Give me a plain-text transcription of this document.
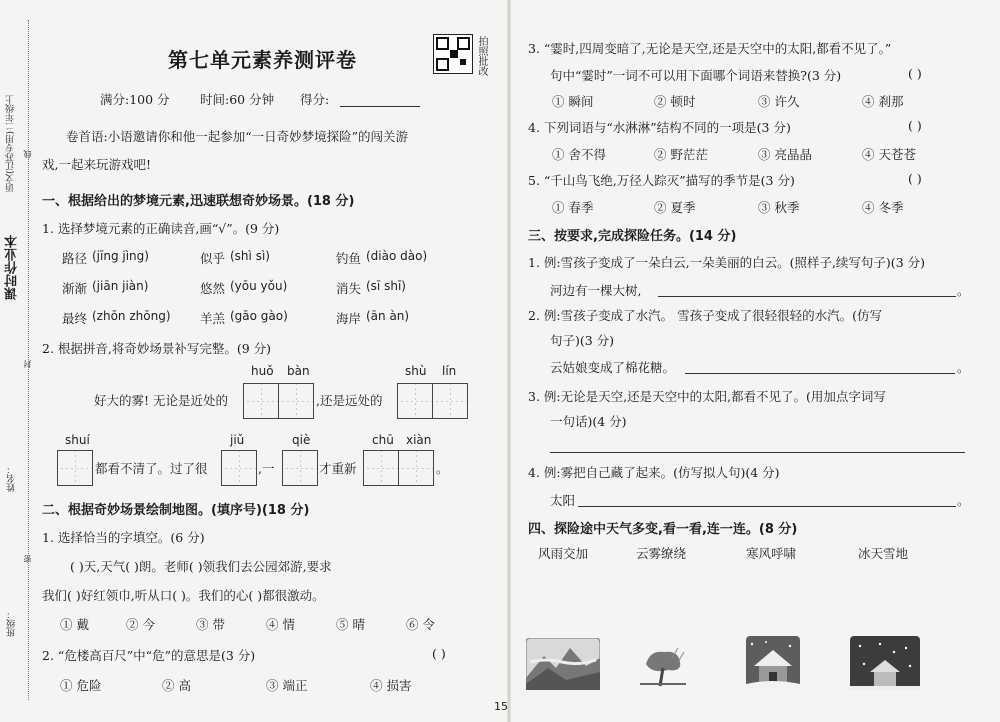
课时作业本
语文(江苏专用)二年级上 线
封
姓名：
密
班级：
第七单元素养测评卷	拍照批改
满分:100 分 时间:60 分钟 得分:
卷首语:小语邀请你和他一起参加“一日奇妙梦境探险”的闯关游
戏,一起来玩游戏吧!
一、根据给出的梦境元素,迅速联想奇妙场景。(18 分)
1. 选择梦境元素的正确读音,画“√”。(9 分)
路径 (jīng jìng)	似乎 (shì sì)	钓鱼 (diào dào)
渐渐 (jiān jiàn)	悠然 (yōu yǒu)	消失 (sī shī)
最终 (zhōn zhōng) 羊羔 (gāo gào)	海岸 (ān àn)
2. 根据拼音,将奇妙场景补写完整。(9 分)
huǒ bàn	shù lín
好大的雾! 无论是近处的	,还是远处的
shuí	jiǔ	qiè	chū xiàn
都看不清了。过了很	,一	才重新	。
二、根据奇妙场景绘制地图。(填序号)(18 分)
1. 选择恰当的字填空。(6 分)
( )天,天气( )朗。老师( )领我们去公园郊游,要求
我们( )好红领巾,听从口( )。我们的心( )都很激动。
① 戴	② 今	③ 带	④ 情	⑤ 晴	⑥ 令
2. “危楼高百尺”中“危”的意思是(3 分)	( )
① 危险	② 高	③ 端正	④ 损害
3. “霎时,四周变暗了,无论是天空,还是天空中的太阳,都看不见了。”
句中“霎时”一词不可以用下面哪个词语来替换?(3 分)	( )
① 瞬间	② 顿时	③ 许久	④ 刹那
4. 下列词语与“水淋淋”结构不同的一项是(3 分)	( )
① 舍不得	② 野茫茫	③ 亮晶晶	④ 天苍苍
5. “千山鸟飞绝,万径人踪灭”描写的季节是(3 分)	( )
① 春季	② 夏季	③ 秋季	④ 冬季
三、按要求,完成探险任务。(14 分)
1. 例:雪孩子变成了一朵白云,一朵美丽的白云。(照样子,续写句子)(3 分)
河边有一棵大树,	。
2. 例:雪孩子变成了水汽。 雪孩子变成了很轻很轻的水汽。(仿写
句子)(3 分)
云姑娘变成了棉花糖。	。
3. 例:无论是天空,还是天空中的太阳,都看不见了。(用加点字词写
一句话)(4 分)
4. 例:雾把自己藏了起来。(仿写拟人句)(4 分)
太阳	。
四、探险途中天气多变,看一看,连一连。(8 分)
风雨交加	云雾缭绕	寒风呼啸	冰天雪地
15
